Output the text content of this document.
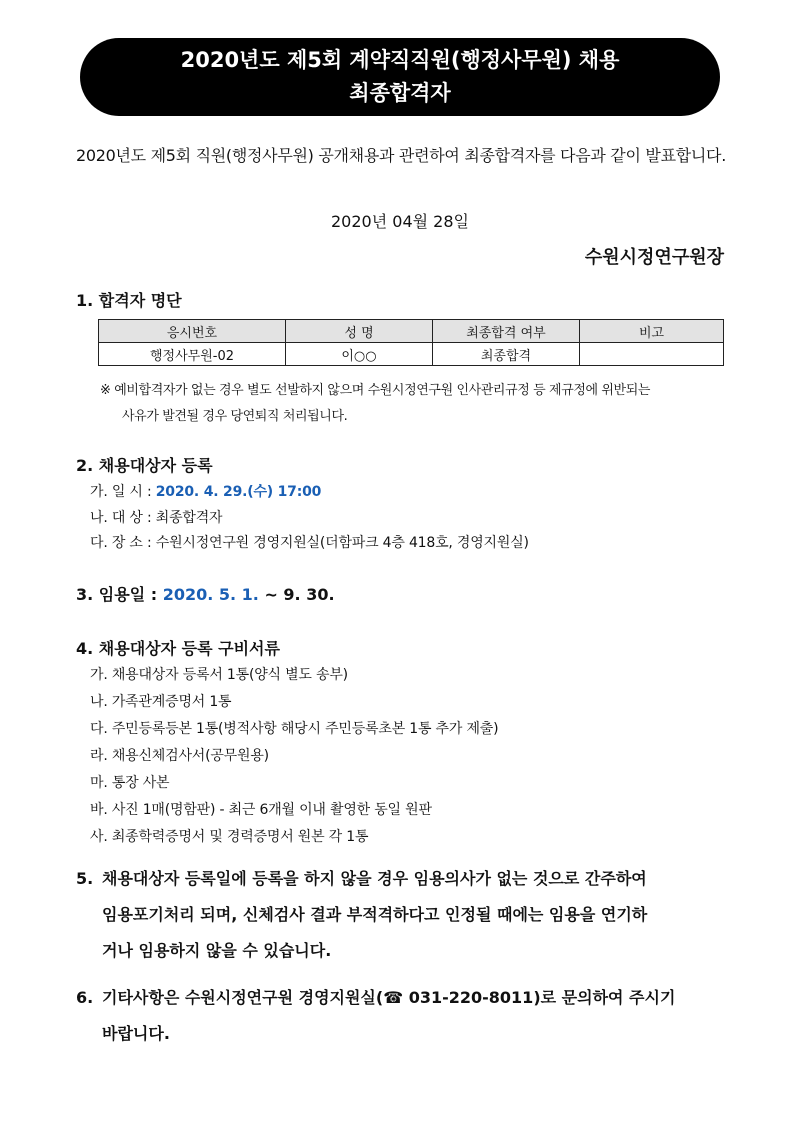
2020년도 제5회 계약직직원(행정사무원) 채용
최종합격자
2020년도 제5회 직원(행정사무원) 공개채용과 관련하여 최종합격자를 다음과 같이 발표합니다.
2020년 04월 28일
수원시정연구원장
1. 합격자 명단
응시번호	성 명	최종합격 여부	비고
행정사무원-02	이○○	최종합격	
※ 예비합격자가 없는 경우 별도 선발하지 않으며 수원시정연구원 인사관리규정 등 제규정에 위반되는
사유가 발견될 경우 당연퇴직 처리됩니다.
2. 채용대상자 등록
가. 일 시 : 2020. 4. 29.(수) 17:00
나. 대 상 : 최종합격자
다. 장 소 : 수원시정연구원 경영지원실(더함파크 4층 418호, 경영지원실)
3. 임용일 : 2020. 5. 1. ~ 9. 30.
4. 채용대상자 등록 구비서류
가. 채용대상자 등록서 1통(양식 별도 송부)
나. 가족관계증명서 1통
다. 주민등록등본 1통(병적사항 해당시 주민등록초본 1통 추가 제출)
라. 채용신체검사서(공무원용)
마. 통장 사본
바. 사진 1매(명함판) - 최근 6개월 이내 촬영한 동일 원판
사. 최종학력증명서 및 경력증명서 원본 각 1통
5. 채용대상자 등록일에 등록을 하지 않을 경우 임용의사가 없는 것으로 간주하여
임용포기처리 되며, 신체검사 결과 부적격하다고 인정될 때에는 임용을 연기하
거나 임용하지 않을 수 있습니다.
6. 기타사항은 수원시정연구원 경영지원실(☎ 031-220-8011)로 문의하여 주시기
바랍니다.
